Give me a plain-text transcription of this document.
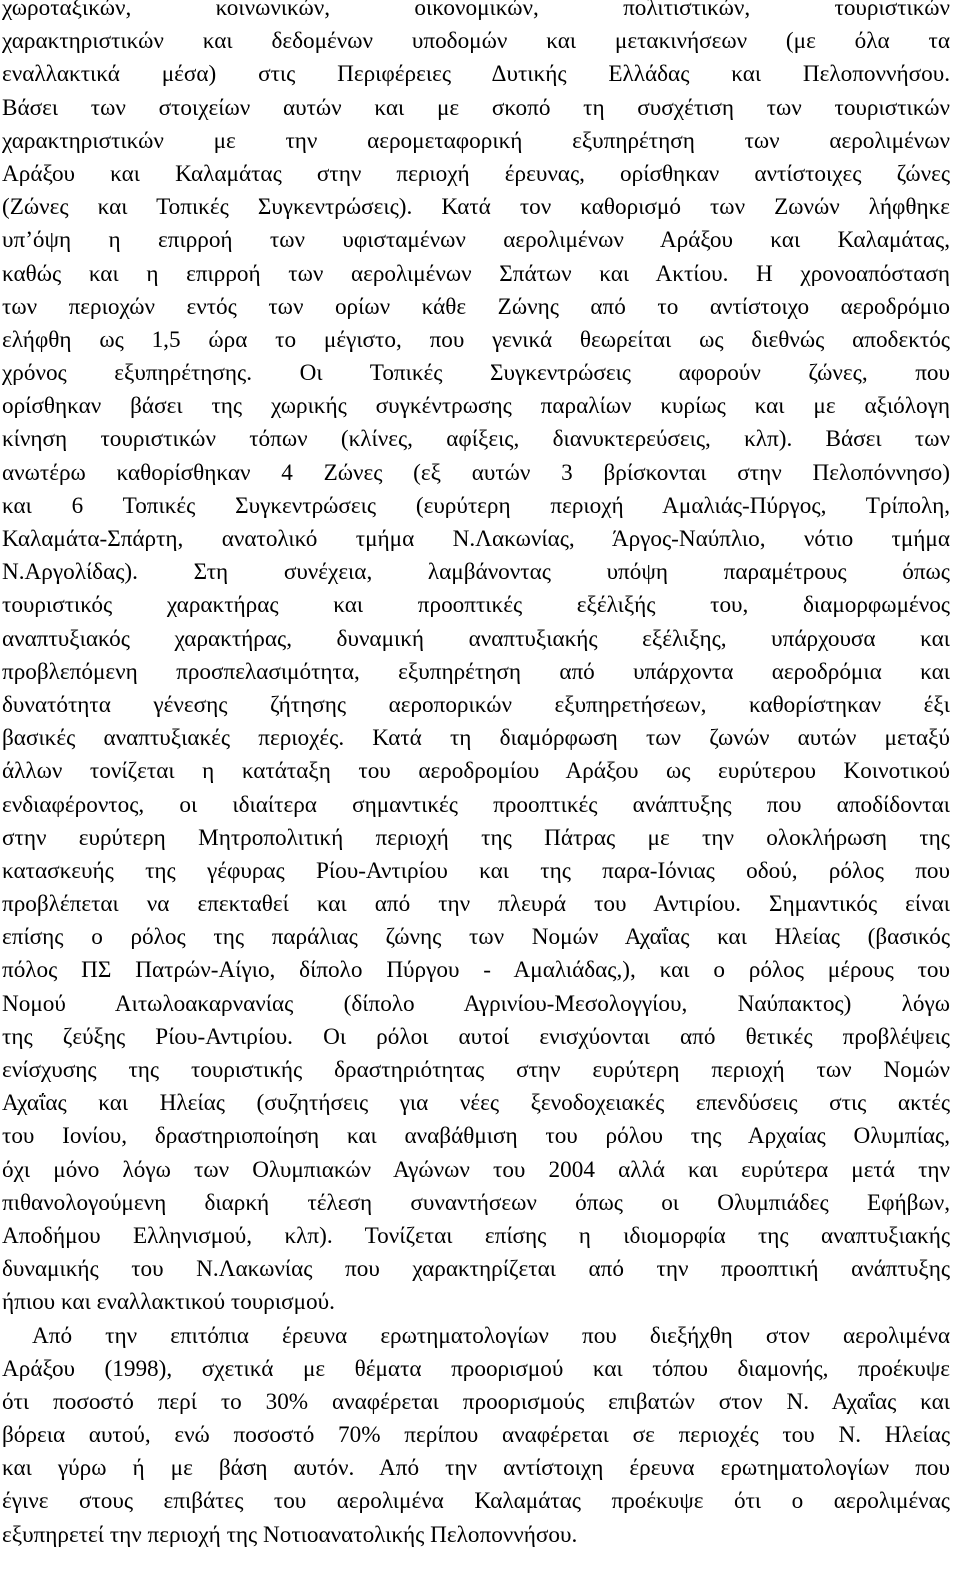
χωροταξικών, κοινωνικών, οικονομικών, πολιτιστικών, τουριστικών
χαρακτηριστικών και δεδομένων υποδομών και μετακινήσεων (με όλα τα
εναλλακτικά μέσα) στις Περιφέρειες Δυτικής Ελλάδας και Πελοποννήσου.
Βάσει των στοιχείων αυτών και με σκοπό τη συσχέτιση των τουριστικών
χαρακτηριστικών με την αερομεταφορική εξυπηρέτηση των αερολιμένων
Αράξου και Καλαμάτας στην περιοχή έρευνας, ορίσθηκαν αντίστοιχες ζώνες
(Ζώνες και Τοπικές Συγκεντρώσεις). Κατά τον καθορισμό των Ζωνών λήφθηκε
υπ’όψη η επιρροή των υφισταμένων αερολιμένων Αράξου και Καλαμάτας,
καθώς και η επιρροή των αερολιμένων Σπάτων και Ακτίου. Η χρονοαπόσταση
των περιοχών εντός των ορίων κάθε Ζώνης από το αντίστοιχο αεροδρόμιο
ελήφθη ως 1,5 ώρα το μέγιστο, που γενικά θεωρείται ως διεθνώς αποδεκτός
χρόνος εξυπηρέτησης. Οι Τοπικές Συγκεντρώσεις αφορούν ζώνες, που
ορίσθηκαν βάσει της χωρικής συγκέντρωσης παραλίων κυρίως και με αξιόλογη
κίνηση τουριστικών τόπων (κλίνες, αφίξεις, διανυκτερεύσεις, κλπ). Βάσει των
ανωτέρω καθορίσθηκαν 4 Ζώνες (εξ αυτών 3 βρίσκονται στην Πελοπόννησο)
και 6 Τοπικές Συγκεντρώσεις (ευρύτερη περιοχή Αμαλιάς-Πύργος, Τρίπολη,
Καλαμάτα-Σπάρτη, ανατολικό τμήμα Ν.Λακωνίας, Άργος-Ναύπλιο, νότιο τμήμα
Ν.Αργολίδας). Στη συνέχεια, λαμβάνοντας υπόψη παραμέτρους όπως
τουριστικός χαρακτήρας και προοπτικές εξέλιξής του, διαμορφωμένος
αναπτυξιακός χαρακτήρας, δυναμική αναπτυξιακής εξέλιξης, υπάρχουσα και
προβλεπόμενη προσπελασιμότητα, εξυπηρέτηση από υπάρχοντα αεροδρόμια και
δυνατότητα γένεσης ζήτησης αεροπορικών εξυπηρετήσεων, καθορίστηκαν έξι
βασικές αναπτυξιακές περιοχές. Κατά τη διαμόρφωση των ζωνών αυτών μεταξύ
άλλων τονίζεται η κατάταξη του αεροδρομίου Αράξου ως ευρύτερου Κοινοτικού
ενδιαφέροντος, οι ιδιαίτερα σημαντικές προοπτικές ανάπτυξης που αποδίδονται
στην ευρύτερη Μητροπολιτική περιοχή της Πάτρας με την ολοκλήρωση της
κατασκευής της γέφυρας Ρίου-Αντιρίου και της παρα-Ιόνιας οδού, ρόλος που
προβλέπεται να επεκταθεί και από την πλευρά του Αντιρίου. Σημαντικός είναι
επίσης ο ρόλος της παράλιας ζώνης των Νομών Αχαΐας και Ηλείας (βασικός
πόλος ΠΣ Πατρών-Αίγιο, δίπολο Πύργου - Αμαλιάδας,), και ο ρόλος μέρους του
Νομού Αιτωλοακαρνανίας (δίπολο Αγρινίου-Μεσολογγίου, Ναύπακτος) λόγω
της ζεύξης Ρίου-Αντιρίου. Οι ρόλοι αυτοί ενισχύονται από θετικές προβλέψεις
ενίσχυσης της τουριστικής δραστηριότητας στην ευρύτερη περιοχή των Νομών
Αχαΐας και Ηλείας (συζητήσεις για νέες ξενοδοχειακές επενδύσεις στις ακτές
του Ιονίου, δραστηριοποίηση και αναβάθμιση του ρόλου της Αρχαίας Ολυμπίας,
όχι μόνο λόγω των Ολυμπιακών Αγώνων του 2004 αλλά και ευρύτερα μετά την
πιθανολογούμενη διαρκή τέλεση συναντήσεων όπως οι Ολυμπιάδες Εφήβων,
Αποδήμου Ελληνισμού, κλπ). Τονίζεται επίσης η ιδιομορφία της αναπτυξιακής
δυναμικής του Ν.Λακωνίας που χαρακτηρίζεται από την προοπτική ανάπτυξης
ήπιου και εναλλακτικού τουρισμού.
Από την επιτόπια έρευνα ερωτηματολογίων που διεξήχθη στον αερολιμένα
Αράξου (1998), σχετικά με θέματα προορισμού και τόπου διαμονής, προέκυψε
ότι ποσοστό περί το 30% αναφέρεται προορισμούς επιβατών στον Ν. Αχαΐας και
βόρεια αυτού, ενώ ποσοστό 70% περίπου αναφέρεται σε περιοχές του Ν. Ηλείας
και γύρω ή με βάση αυτόν. Από την αντίστοιχη έρευνα ερωτηματολογίων που
έγινε στους επιβάτες του αερολιμένα Καλαμάτας προέκυψε ότι ο αερολιμένας
εξυπηρετεί την περιοχή της Νοτιοανατολικής Πελοποννήσου.
